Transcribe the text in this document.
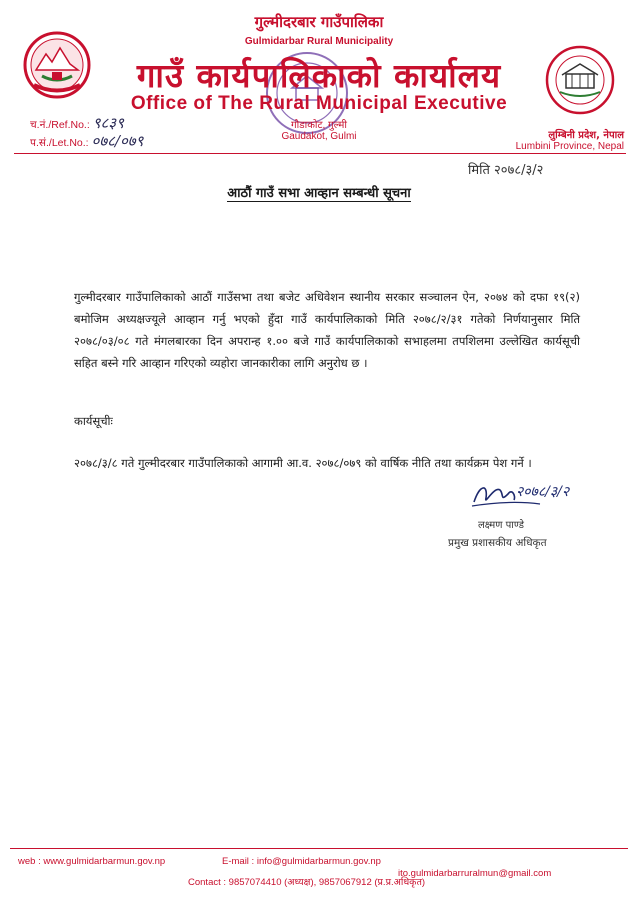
गुल्मीदरबार गाउँपालिका
Gulmidarbar Rural Municipality
गाउँ कार्यपालिकाको कार्यालय
Office of The Rural Municipal Executive
गौडाकोट, गुल्मी
Gaudakot, Gulmi
च.नं./Ref.No.: ९८३९
प.सं./Let.No.: ०७८/०७९	लुम्बिनी प्रदेश, नेपाल
Lumbini Province, Nepal
मिति २०७८/३/२
आठौं गाउँ सभा आव्हान सम्बन्धी सूचना

गुल्मीदरबार गाउँपालिकाको आठौं गाउँसभा तथा बजेट अधिवेशन स्थानीय सरकार सञ्चालन ऐन, २०७४ को दफा १९(२) बमोजिम अध्यक्षज्यूले आव्हान गर्नु भएको हुँदा गाउँ कार्यपालिकाको मिति २०७८/२/३१ गतेको निर्णयानुसार मिति २०७८/०३/०८ गते मंगलबारका दिन अपरान्ह १.०० बजे गाउँ कार्यपालिकाको सभाहलमा तपशिलमा उल्लेखित कार्यसूची सहित बस्ने गरि आव्हान गरिएको व्यहोरा जानकारीका लागि अनुरोध छ ।

कार्यसूचीः
२०७८/३/८ गते गुल्मीदरबार गाउँपालिकाको आगामी आ.व. २०७८/०७९ को वार्षिक नीति तथा कार्यक्रम पेश गर्ने ।
२०७८/३/२
लक्ष्मण पाण्डे
प्रमुख प्रशासकीय अधिकृत
web : www.gulmidarbarmun.gov.np	E-mail : info@gulmidarbarmun.gov.np
ito.gulmidarbarruralmun@gmail.com
Contact : 9857074410 (अध्यक्ष), 9857067912 (प्र.प्र.अधिकृत)
